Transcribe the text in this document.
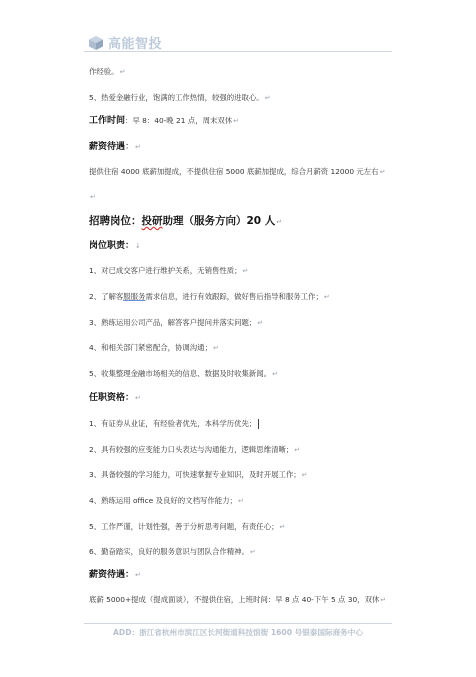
高能智投
作经验。↵
5、热爱金融行业，饱满的工作热情，较强的进取心。↵
工作时间：早 8：40-晚 21 点，周末双休↵
薪资待遇：↵
提供住宿 4000 底薪加提成，不提供住宿 5000 底薪加提成，综合月薪资 12000 元左右↵
↵
招聘岗位：投研助理（服务方向）20 人↵
岗位职责：↓
1、对已成交客户进行维护关系，无销售性质；↵
2、了解客服服务需求信息，进行有效跟踪，做好售后指导和服务工作；↵
3、熟练运用公司产品，解答客户提问并落实问题；↵
4、和相关部门紧密配合，协调沟通；↵
5、收集整理金融市场相关的信息、数据及时收集新闻。↵
任职资格：↵
1、有证券从业证，有经验者优先，本科学历优先；
2、具有较强的应变能力口头表达与沟通能力，逻辑思维清晰；↵
3、具备较强的学习能力，可快速掌握专业知识，及时开展工作；↵
4、熟练运用 office 及良好的文档写作能力；↵
5、工作严谨，计划性强，善于分析思考问题，有责任心；↵
6、勤奋踏实，良好的服务意识与团队合作精神。↵
薪资待遇：↵
底薪 5000+提成（提成面谈），不提供住宿，上班时间：早 8 点 40-下午 5 点 30，双休↵
ADD：浙江省杭州市滨江区长河街道科技馆街 1600 号银泰国际商务中心
